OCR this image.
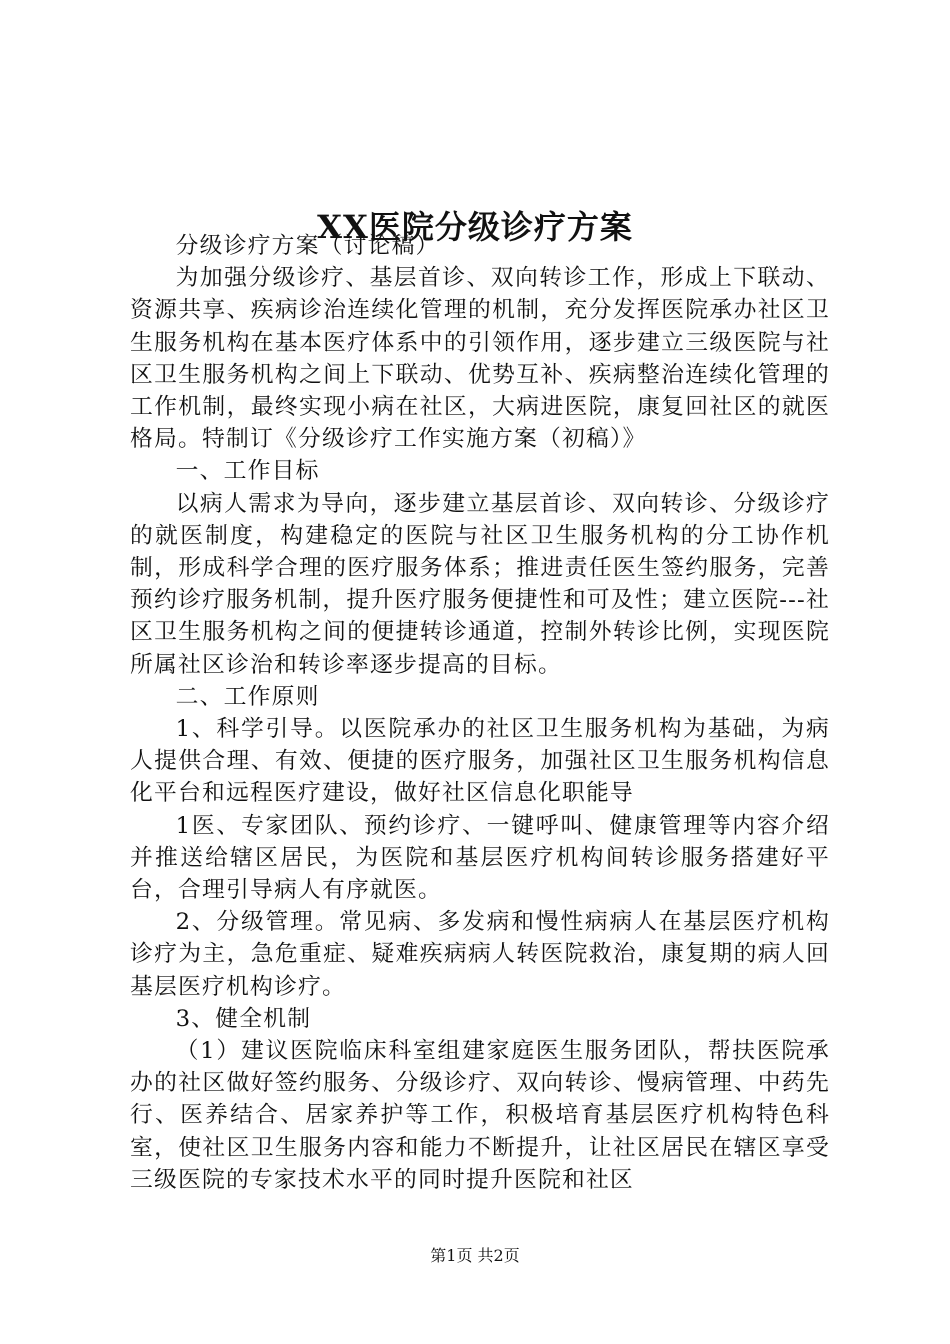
XX医院分级诊疗方案

分级诊疗方案（讨论稿）

为加强分级诊疗、基层首诊、双向转诊工作，形成上下联动、资源共享、疾病诊治连续化管理的机制，充分发挥医院承办社区卫生服务机构在基本医疗体系中的引领作用，逐步建立三级医院与社区卫生服务机构之间上下联动、优势互补、疾病整治连续化管理的工作机制，最终实现小病在社区，大病进医院，康复回社区的就医格局。特制订《分级诊疗工作实施方案（初稿）》

一、工作目标

以病人需求为导向，逐步建立基层首诊、双向转诊、分级诊疗的就医制度，构建稳定的医院与社区卫生服务机构的分工协作机制，形成科学合理的医疗服务体系；推进责任医生签约服务，完善预约诊疗服务机制，提升医疗服务便捷性和可及性；建立医院---社区卫生服务机构之间的便捷转诊通道，控制外转诊比例，实现医院所属社区诊治和转诊率逐步提高的目标。

二、工作原则

1、科学引导。以医院承办的社区卫生服务机构为基础，为病人提供合理、有效、便捷的医疗服务，加强社区卫生服务机构信息化平台和远程医疗建设，做好社区信息化职能导

1医、专家团队、预约诊疗、一键呼叫、健康管理等内容介绍并推送给辖区居民，为医院和基层医疗机构间转诊服务搭建好平台，合理引导病人有序就医。

2、分级管理。常见病、多发病和慢性病病人在基层医疗机构诊疗为主，急危重症、疑难疾病病人转医院救治，康复期的病人回基层医疗机构诊疗。

3、健全机制

（1）建议医院临床科室组建家庭医生服务团队，帮扶医院承办的社区做好签约服务、分级诊疗、双向转诊、慢病管理、中药先行、医养结合、居家养护等工作，积极培育基层医疗机构特色科室，使社区卫生服务内容和能力不断提升，让社区居民在辖区享受三级医院的专家技术水平的同时提升医院和社区

第1页 共2页
